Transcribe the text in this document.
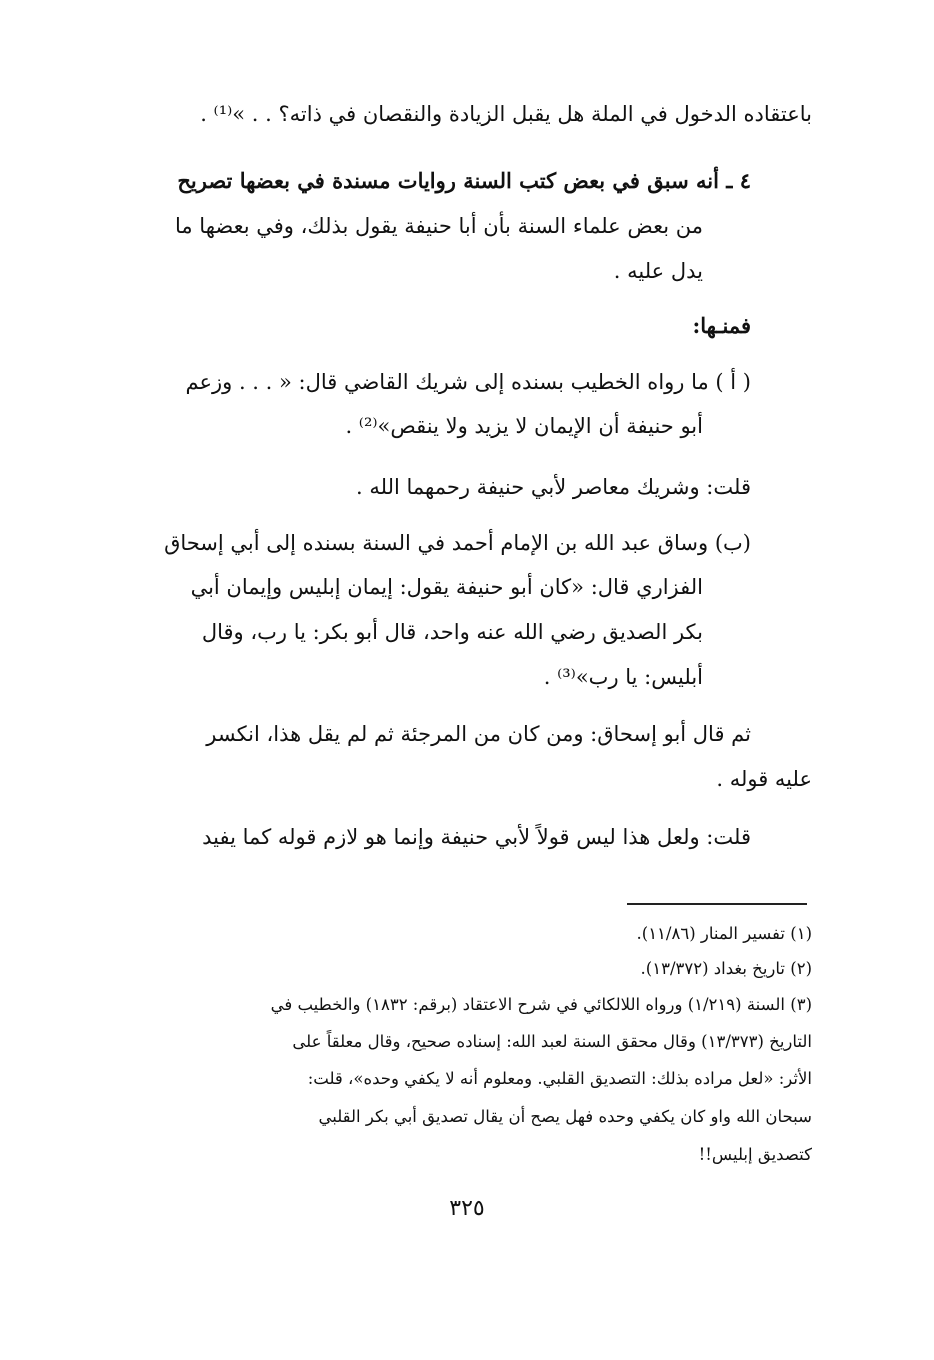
باعتقاده الدخول في الملة هل يقبل الزيادة والنقصان في ذاته؟ . . »⁽¹⁾ .
٤ ـ أنه سبق في بعض كتب السنة روايات مسندة في بعضها تصريح
من بعض علماء السنة بأن أبا حنيفة يقول بذلك، وفي بعضها ما
يدل عليه .
فمنـها:
( أ ) ما رواه الخطيب بسنده إلى شريك القاضي قال: « . . . وزعم
أبو حنيفة أن الإيمان لا يزيد ولا ينقص»⁽²⁾ .
قلت: وشريك معاصر لأبي حنيفة رحمهما الله .
(ب) وساق عبد الله بن الإمام أحمد في السنة بسنده إلى أبي إسحاق
الفزاري قال: «كان أبو حنيفة يقول: إيمان إبليس وإيمان أبي
بكر الصديق رضي الله عنه واحد، قال أبو بكر: يا رب، وقال
أبليس: يا رب»⁽³⁾ .
ثم قال أبو إسحاق: ومن كان من المرجئة ثم لم يقل هذا، انكسر
عليه قوله .
قلت: ولعل هذا ليس قولاً لأبي حنيفة وإنما هو لازم قوله كما يفيد
(١) تفسير المنار (١١/٨٦).
(٢) تاريخ بغداد (١٣/٣٧٢).
(٣) السنة (١/٢١٩) ورواه اللالكائي في شرح الاعتقاد (برقم: ١٨٣٢) والخطيب في
التاريخ (١٣/٣٧٣) وقال محقق السنة لعبد الله: إسناده صحيح، وقال معلقاً على
الأثر: «لعل مراده بذلك: التصديق القلبي. ومعلوم أنه لا يكفي وحده»، قلت:
سبحان الله واو كان يكفي وحده فهل يصح أن يقال تصديق أبي بكر القلبي
كتصديق إبليس!!
٣٢٥
